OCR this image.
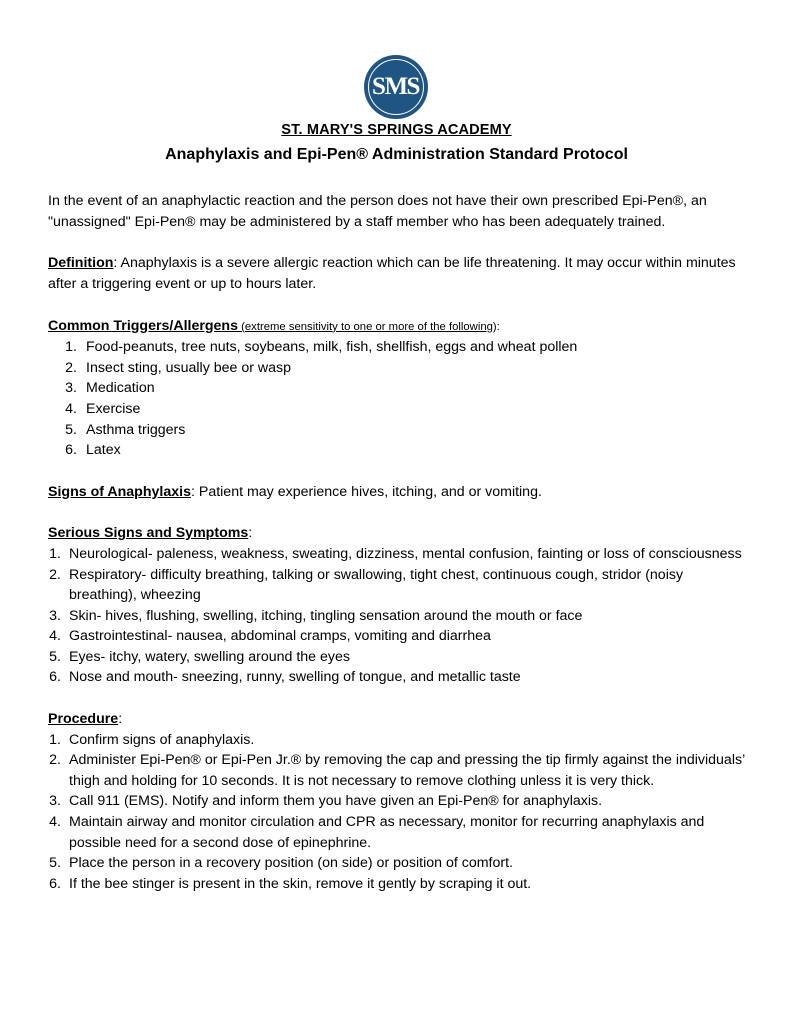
SMS
ST. MARY'S SPRINGS ACADEMY
Anaphylaxis and Epi-Pen® Administration Standard Protocol

In the event of an anaphylactic reaction and the person does not have their own prescribed Epi-Pen®, an "unassigned" Epi-Pen® may be administered by a staff member who has been adequately trained.

Definition: Anaphylaxis is a severe allergic reaction which can be life threatening. It may occur within minutes after a triggering event or up to hours later.

Common Triggers/Allergens (extreme sensitivity to one or more of the following):

1. Food-peanuts, tree nuts, soybeans, milk, fish, shellfish, eggs and wheat pollen
2. Insect sting, usually bee or wasp
3. Medication
4. Exercise
5. Asthma triggers
6. Latex

Signs of Anaphylaxis: Patient may experience hives, itching, and or vomiting.

Serious Signs and Symptoms:

1. Neurological- paleness, weakness, sweating, dizziness, mental confusion, fainting or loss of consciousness
2. Respiratory- difficulty breathing, talking or swallowing, tight chest, continuous cough, stridor (noisy breathing), wheezing
3. Skin- hives, flushing, swelling, itching, tingling sensation around the mouth or face
4. Gastrointestinal- nausea, abdominal cramps, vomiting and diarrhea
5. Eyes- itchy, watery, swelling around the eyes
6. Nose and mouth- sneezing, runny, swelling of tongue, and metallic taste

Procedure:

1. Confirm signs of anaphylaxis.
2. Administer Epi-Pen® or Epi-Pen Jr.® by removing the cap and pressing the tip firmly against the individuals’ thigh and holding for 10 seconds. It is not necessary to remove clothing unless it is very thick.
3. Call 911 (EMS). Notify and inform them you have given an Epi-Pen® for anaphylaxis.
4. Maintain airway and monitor circulation and CPR as necessary, monitor for recurring anaphylaxis and possible need for a second dose of epinephrine.
5. Place the person in a recovery position (on side) or position of comfort.
6. If the bee stinger is present in the skin, remove it gently by scraping it out.
